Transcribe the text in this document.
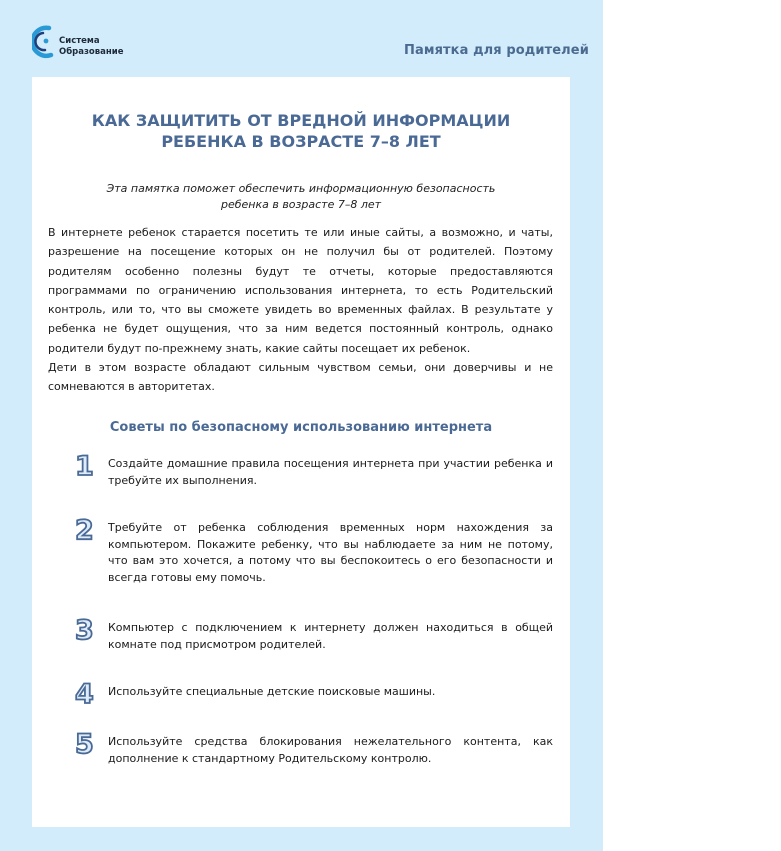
Система
Образование	Памятка для родителей
КАК ЗАЩИТИТЬ ОТ ВРЕДНОЙ ИНФОРМАЦИИ
РЕБЕНКА В ВОЗРАСТЕ 7–8 ЛЕТ
Эта памятка поможет обеспечить информационную безопасность
ребенка в возрасте 7–8 лет

В интернете ребенок старается посетить те или иные сайты, а возможно, и чаты, разрешение на посещение которых он не получил бы от родителей. Поэтому родителям особенно полезны будут те отчеты, которые предоставляются программами по ограничению использования интернета, то есть Родительский контроль, или то, что вы сможете увидеть во временных файлах. В результате у ребенка не будет ощущения, что за ним ведется постоянный контроль, однако родители будут по-прежнему знать, какие сайты посещает их ребенок.

Дети в этом возрасте обладают сильным чувством семьи, они доверчивы и не сомневаются в авторитетах.

Советы по безопасному использованию интернета
1	Создайте домашние правила посещения интернета при участии ребенка и требуйте их выполнения.
2	Требуйте от ребенка соблюдения временных норм нахождения за компьютером. Покажите ребенку, что вы наблюдаете за ним не потому, что вам это хочется, а потому что вы беспокоитесь о его безопасности и всегда готовы ему помочь.
3	Компьютер с подключением к интернету должен находиться в общей комнате под присмотром родителей.
4	Используйте специальные детские поисковые машины.
5	Используйте средства блокирования нежелательного контента, как дополнение к стандартному Родительскому контролю.
